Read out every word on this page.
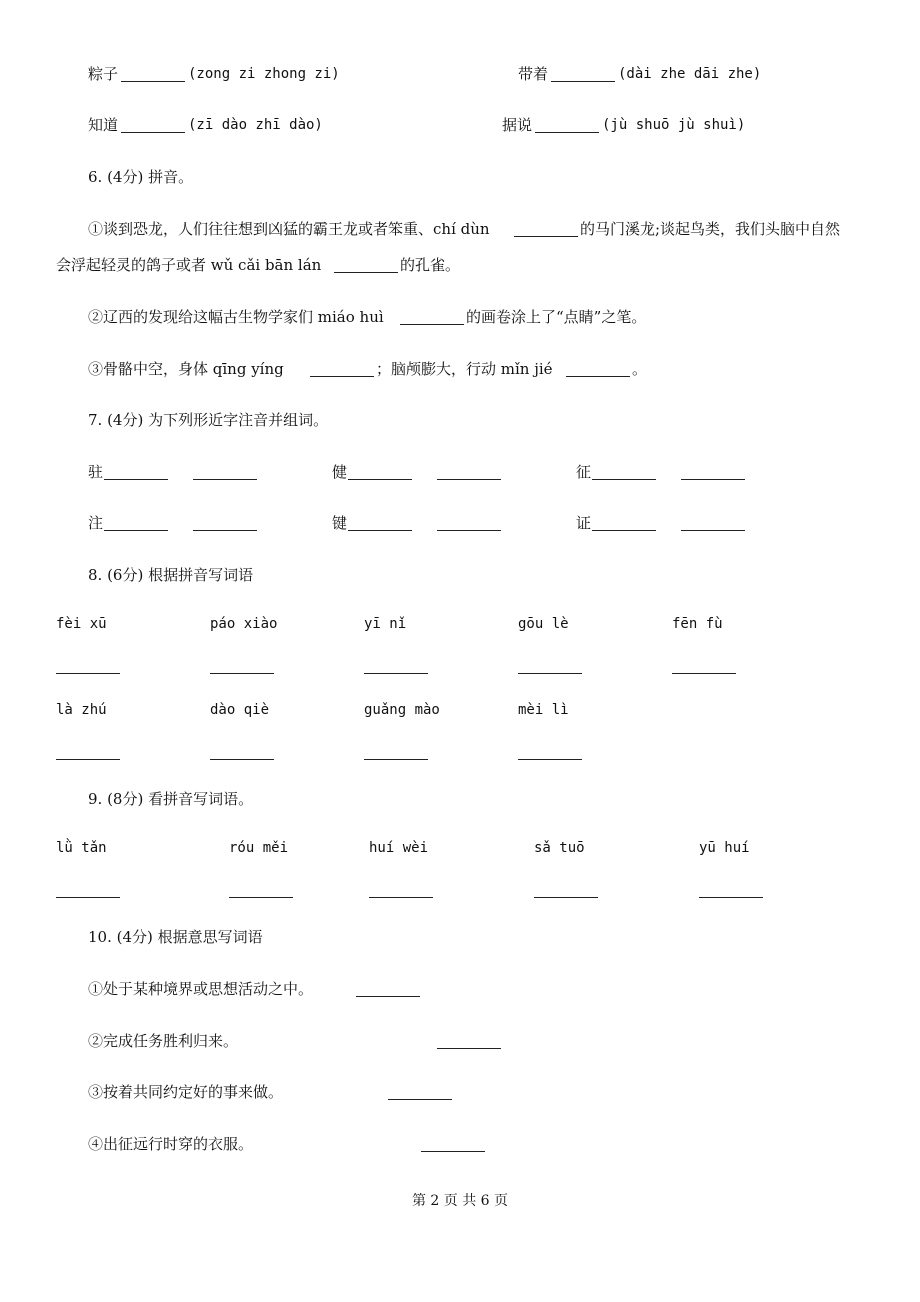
粽子	(zong zi zhong zi)	带着	(dài zhe dāi zhe)
知道	(zī dào zhī dào)	据说	(jù shuō jù shuì)
6. (4分) 拼音。
①谈到恐龙，人们往往想到凶猛的霸王龙或者笨重、chí dùn	的马门溪龙;谈起鸟类，我们头脑中自然
会浮起轻灵的鸽子或者 wǔ cǎi bān lán	的孔雀。
②辽西的发现给这幅古生物学家们 miáo huì	的画卷涂上了“点睛”之笔。
③骨骼中空，身体 qīng yíng	；脑颅膨大，行动 mǐn jié	。
7. (4分) 为下列形近字注音并组词。
驻	健	征
注	键	证
8. (6分) 根据拼音写词语
fèi xū	páo xiào	yī nǐ	gōu lè	fēn fù
là zhú	dào qiè	guǎng mào	mèi lì
9. (8分) 看拼音写词语。
lǜ tǎn	róu měi	huí wèi	sǎ tuō	yū huí
10. (4分) 根据意思写词语
①处于某种境界或思想活动之中。
②完成任务胜利归来。
③按着共同约定好的事来做。
④出征远行时穿的衣服。
第 2 页 共 6 页
